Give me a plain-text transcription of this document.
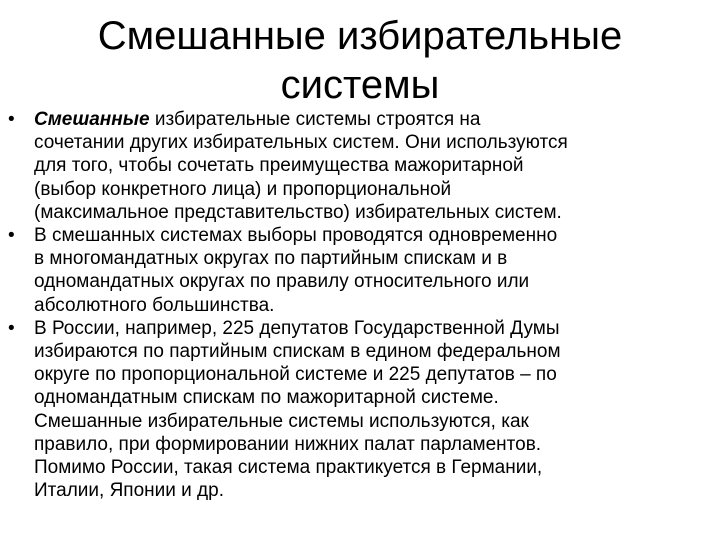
Смешанные избирательные
системы
• Смешанные избирательные системы строятся на
сочетании других избирательных систем. Они используются
для того, чтобы сочетать преимущества мажоритарной
(выбор конкретного лица) и пропорциональной
(максимальное представительство) избирательных систем.
• В смешанных системах выборы проводятся одновременно
в многомандатных округах по партийным спискам и в
одномандатных округах по правилу относительного или
абсолютного большинства.
• В России, например, 225 депутатов Государственной Думы
избираются по партийным спискам в едином федеральном
округе по пропорциональной системе и 225 депутатов – по
одномандатным спискам по мажоритарной системе.
Смешанные избирательные системы используются, как
правило, при формировании нижних палат парламентов.
Помимо России, такая система практикуется в Германии,
Италии, Японии и др.
